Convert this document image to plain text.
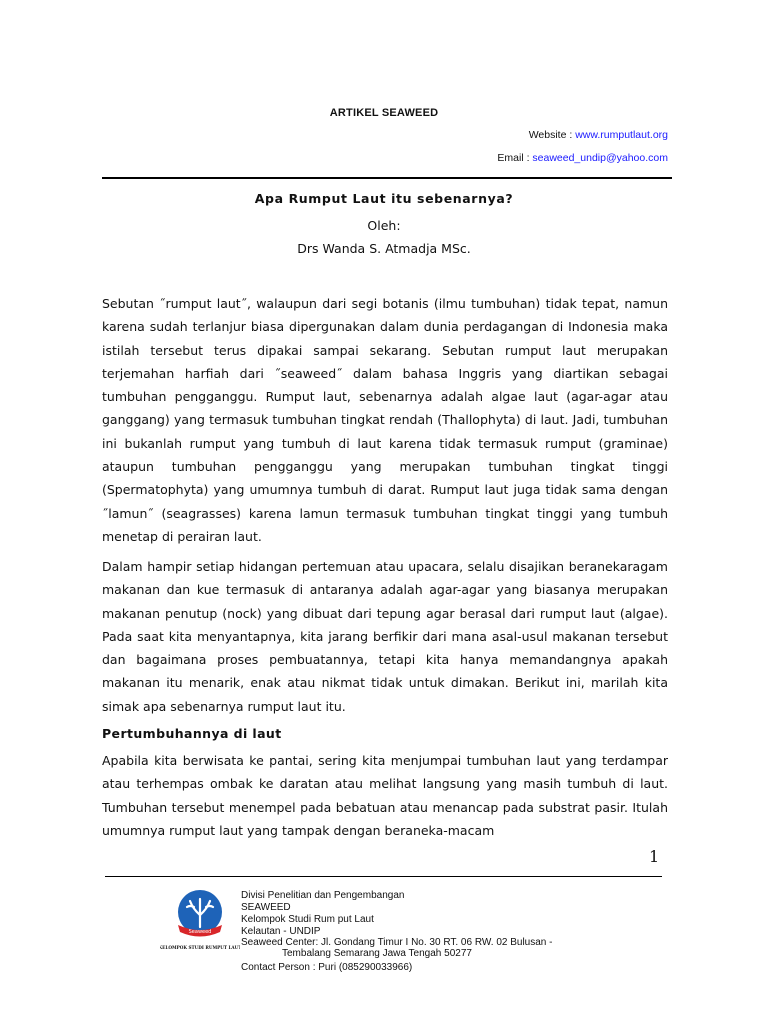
ARTIKEL SEAWEED
Website : www.rumputlaut.org
Email : seaweed_undip@yahoo.com
Apa Rumput Laut itu sebenarnya?
Oleh:
Drs Wanda S. Atmadja MSc.

Sebutan ˝rumput laut˝, walaupun dari segi botanis (ilmu tumbuhan) tidak tepat, namun karena sudah terlanjur biasa dipergunakan dalam dunia perdagangan di Indonesia maka istilah tersebut terus dipakai sampai sekarang. Sebutan rumput laut merupakan terjemahan harfiah dari ˝seaweed˝ dalam bahasa Inggris yang diartikan sebagai tumbuhan pengganggu. Rumput laut, sebenarnya adalah algae laut (agar-agar atau ganggang) yang termasuk tumbuhan tingkat rendah (Thallophyta) di laut. Jadi, tumbuhan ini bukanlah rumput yang tumbuh di laut karena tidak termasuk rumput (graminae) ataupun tumbuhan pengganggu yang merupakan tumbuhan tingkat tinggi (Spermatophyta) yang umumnya tumbuh di darat. Rumput laut juga tidak sama dengan ˝lamun˝ (seagrasses) karena lamun termasuk tumbuhan tingkat tinggi yang tumbuh menetap di perairan laut.

Dalam hampir setiap hidangan pertemuan atau upacara, selalu disajikan beranekaragam makanan dan kue termasuk di antaranya adalah agar-agar yang biasanya merupakan makanan penutup (nock) yang dibuat dari tepung agar berasal dari rumput laut (algae). Pada saat kita menyantapnya, kita jarang berfikir dari mana asal-usul makanan tersebut dan bagaimana proses pembuatannya, tetapi kita hanya memandangnya apakah makanan itu menarik, enak atau nikmat tidak untuk dimakan. Berikut ini, marilah kita simak apa sebenarnya rumput laut itu.

Pertumbuhannya di laut

Apabila kita berwisata ke pantai, sering kita menjumpai tumbuhan laut yang terdampar atau terhempas ombak ke daratan atau melihat langsung yang masih tumbuh di laut. Tumbuhan tersebut menempel pada bebatuan atau menancap pada substrat pasir. Itulah umumnya rumput laut yang tampak dengan beraneka-macam

1
Seaweed
KELOMPOK STUDI RUMPUT LAUT
Divisi Penelitian dan Pengembangan
SEAWEED
Kelompok Studi Rum put Laut
Kelautan - UNDIP
Seaweed Center: Jl. Gondang Timur I No. 30 RT. 06 RW. 02 Bulusan -
Tembalang Semarang Jawa Tengah 50277
Contact Person : Puri (085290033966)
